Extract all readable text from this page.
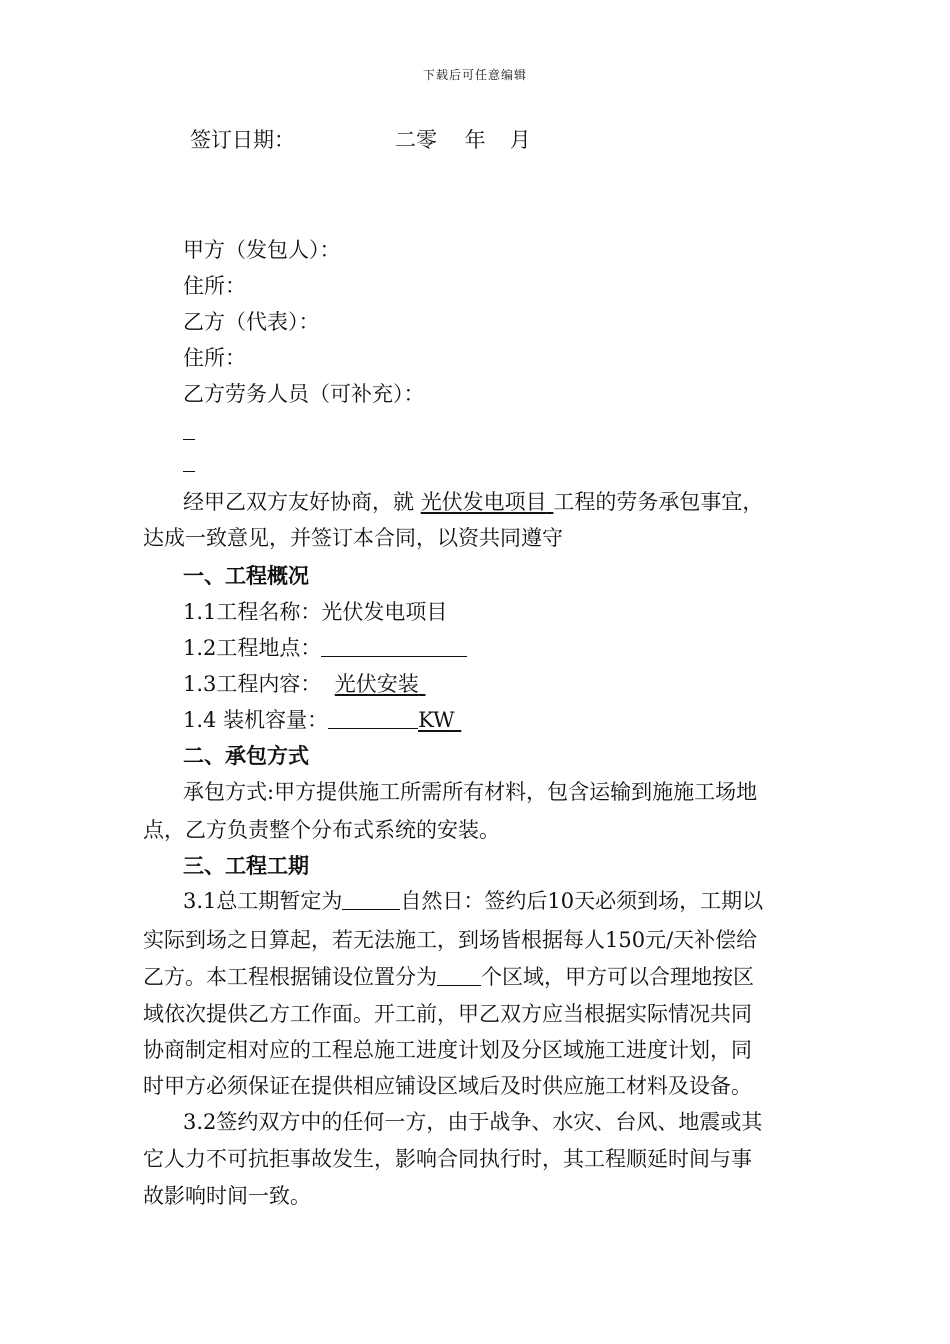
下载后可任意编辑
签订日期：	二零　 年 月
甲方（发包人）：
住所：
乙方（代表）：
住所：
乙方劳务人员（可补充）：
经甲乙双方友好协商，就 光伏发电项目 工程的劳务承包事宜，
达成一致意见，并签订本合同，以资共同遵守
一、工程概况
1.1工程名称：光伏发电项目
1.2工程地点：
1.3工程内容： 光伏安装
1.4 装机容量：	KW
二、承包方式
承包方式:甲方提供施工所需所有材料，包含运输到施施工场地
点，乙方负责整个分布式系统的安装。
三、工程工期
3.1总工期暂定为	自然日：签约后10天必须到场，工期以
实际到场之日算起，若无法施工，到场皆根据每人150元/天补偿给
乙方。本工程根据铺设位置分为 个区域，甲方可以合理地按区
域依次提供乙方工作面。开工前，甲乙双方应当根据实际情况共同
协商制定相对应的工程总施工进度计划及分区域施工进度计划，同
时甲方必须保证在提供相应铺设区域后及时供应施工材料及设备。
3.2签约双方中的任何一方，由于战争、水灾、台风、地震或其
它人力不可抗拒事故发生，影响合同执行时，其工程顺延时间与事
故影响时间一致。
